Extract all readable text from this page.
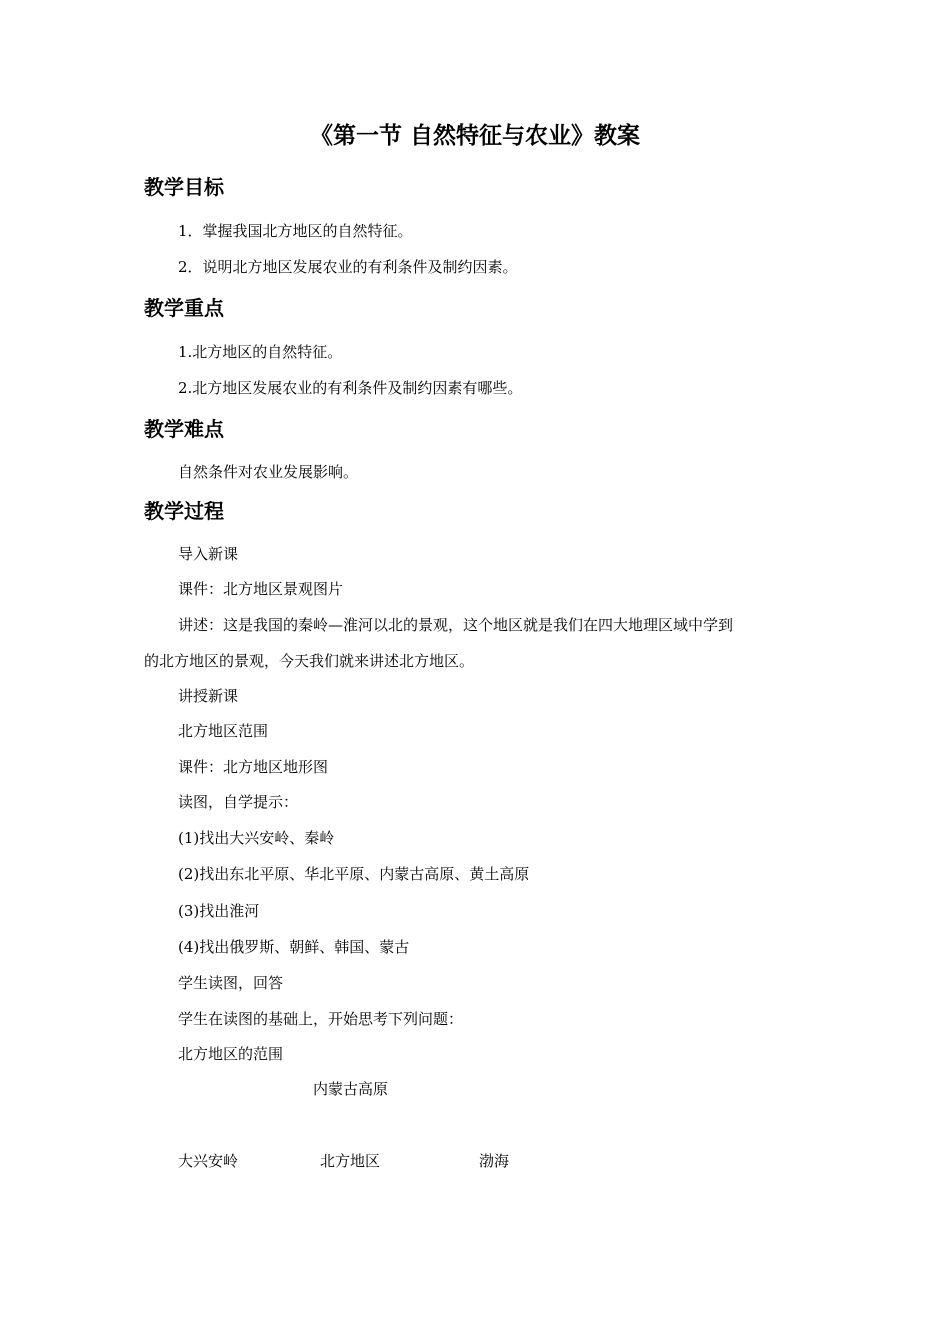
《第一节 自然特征与农业》教案
教学目标
1．掌握我国北方地区的自然特征。
2．说明北方地区发展农业的有利条件及制约因素。
教学重点
1.北方地区的自然特征。
2.北方地区发展农业的有利条件及制约因素有哪些。
教学难点
自然条件对农业发展影响。
教学过程
导入新课
课件：北方地区景观图片
讲述：这是我国的秦岭—淮河以北的景观，这个地区就是我们在四大地理区域中学到
的北方地区的景观，今天我们就来讲述北方地区。
讲授新课
北方地区范围
课件：北方地区地形图
读图，自学提示：
(1)找出大兴安岭、秦岭
(2)找出东北平原、华北平原、内蒙古高原、黄土高原
(3)找出淮河
(4)找出俄罗斯、朝鲜、韩国、蒙古
学生读图，回答
学生在读图的基础上，开始思考下列问题：
北方地区的范围
内蒙古高原
大兴安岭	北方地区	渤海
